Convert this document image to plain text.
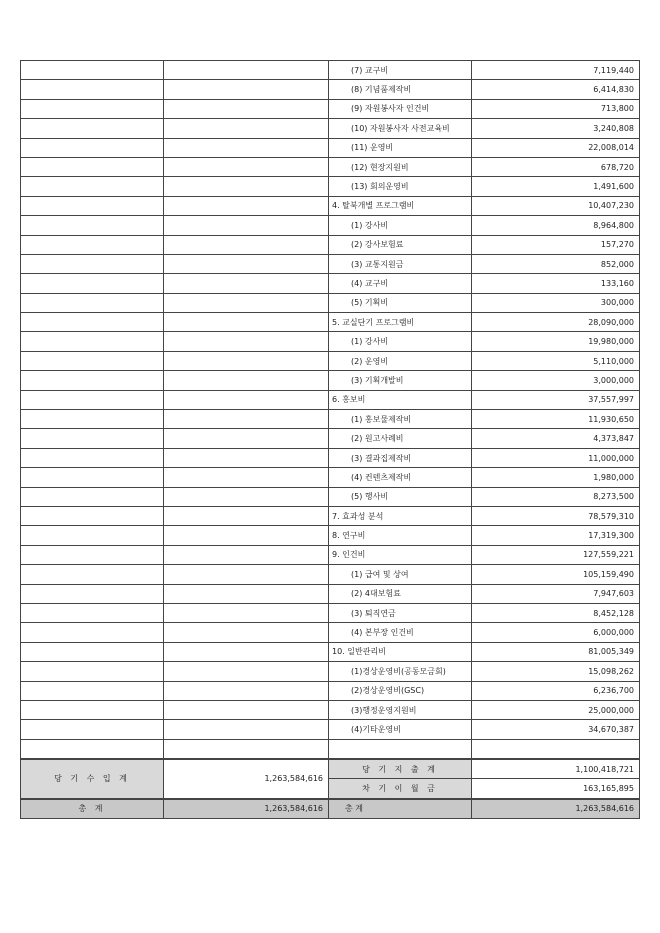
		(7) 교구비	7,119,440
		(8) 기념품제작비	6,414,830
		(9) 자원봉사자 인건비	713,800
		(10) 자원봉사자 사전교육비	3,240,808
		(11) 운영비	22,008,014
		(12) 현장지원비	678,720
		(13) 회의운영비	1,491,600
		4. 탈북개별 프로그램비	10,407,230
		(1) 강사비	8,964,800
		(2) 강사보험료	157,270
		(3) 교통지원금	852,000
		(4) 교구비	133,160
		(5) 기획비	300,000
		5. 교실단기 프로그램비	28,090,000
		(1) 강사비	19,980,000
		(2) 운영비	5,110,000
		(3) 기획개발비	3,000,000
		6. 홍보비	37,557,997
		(1) 홍보물제작비	11,930,650
		(2) 원고사례비	4,373,847
		(3) 결과집제작비	11,000,000
		(4) 컨텐츠제작비	1,980,000
		(5) 행사비	8,273,500
		7. 효과성 분석	78,579,310
		8. 연구비	17,319,300
		9. 인건비	127,559,221
		(1) 급여 및 상여	105,159,490
		(2) 4대보험료	7,947,603
		(3) 퇴직연금	8,452,128
		(4) 본부장 인건비	6,000,000
		10. 일반관리비	81,005,349
		(1)경상운영비(공동모금회)	15,098,262
		(2)경상운영비(GSC)	6,236,700
		(3)행정운영지원비	25,000,000
		(4)기타운영비	34,670,387

당 기 수 입 계	1,263,584,616	당 기 지 출 계	1,100,418,721
		차 기 이 월 금	163,165,895
총 계	1,263,584,616	총 계	1,263,584,616
